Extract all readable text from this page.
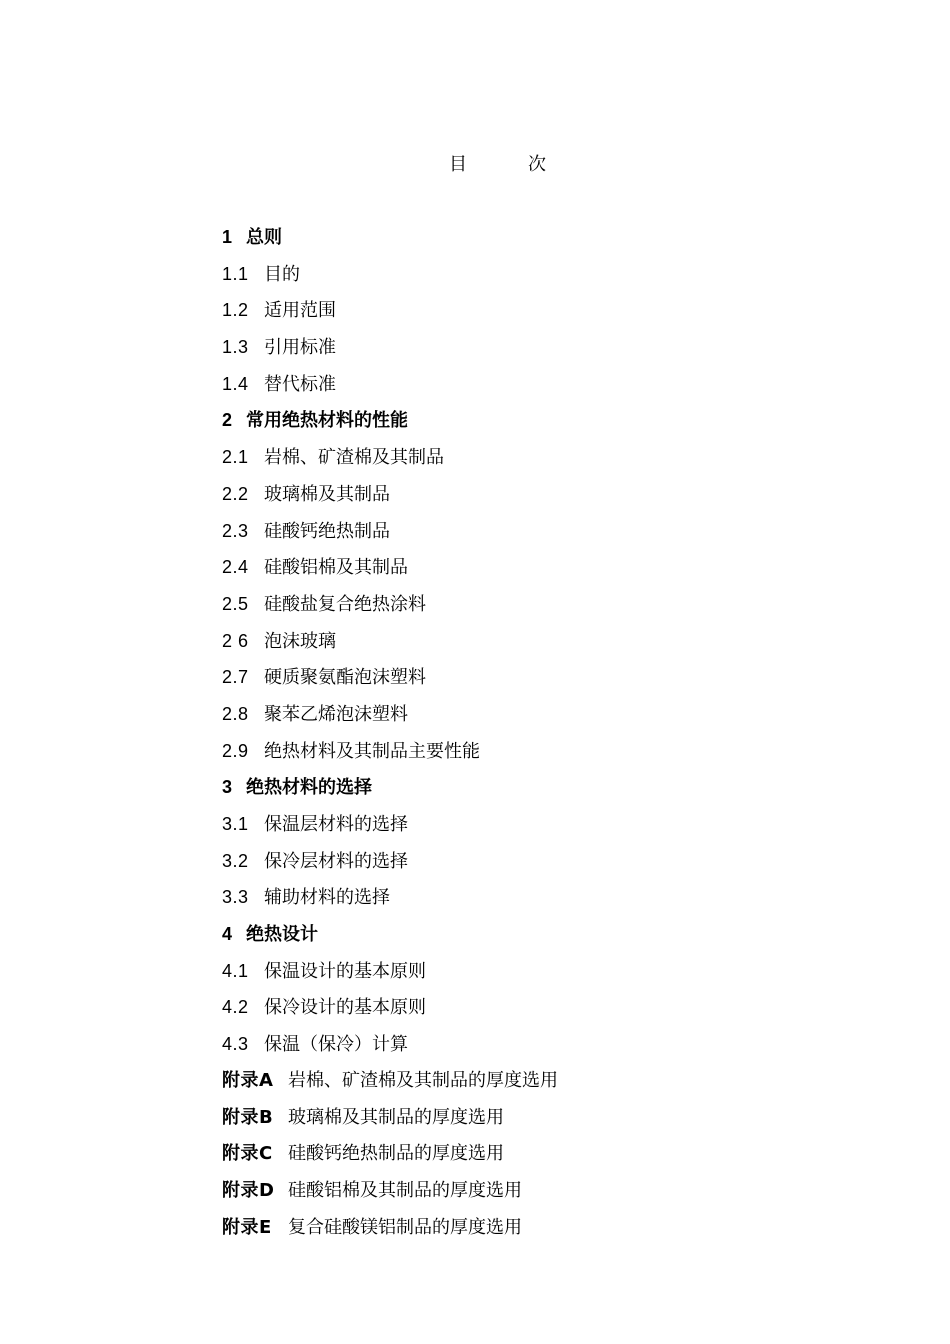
目	次
1 总则
1.1 目的
1.2 适用范围
1.3 引用标准
1.4 替代标准
2 常用绝热材料的性能
2.1 岩棉、矿渣棉及其制品
2.2 玻璃棉及其制品
2.3 硅酸钙绝热制品
2.4 硅酸铝棉及其制品
2.5 硅酸盐复合绝热涂料
2 6 泡沫玻璃
2.7 硬质聚氨酯泡沫塑料
2.8 聚苯乙烯泡沫塑料
2.9 绝热材料及其制品主要性能
3 绝热材料的选择
3.1 保温层材料的选择
3.2 保冷层材料的选择
3.3 辅助材料的选择
4 绝热设计
4.1 保温设计的基本原则
4.2 保冷设计的基本原则
4.3 保温（保冷）计算
附录A 岩棉、矿渣棉及其制品的厚度选用
附录B 玻璃棉及其制品的厚度选用
附录C 硅酸钙绝热制品的厚度选用
附录D 硅酸铝棉及其制品的厚度选用
附录E 复合硅酸镁铝制品的厚度选用
